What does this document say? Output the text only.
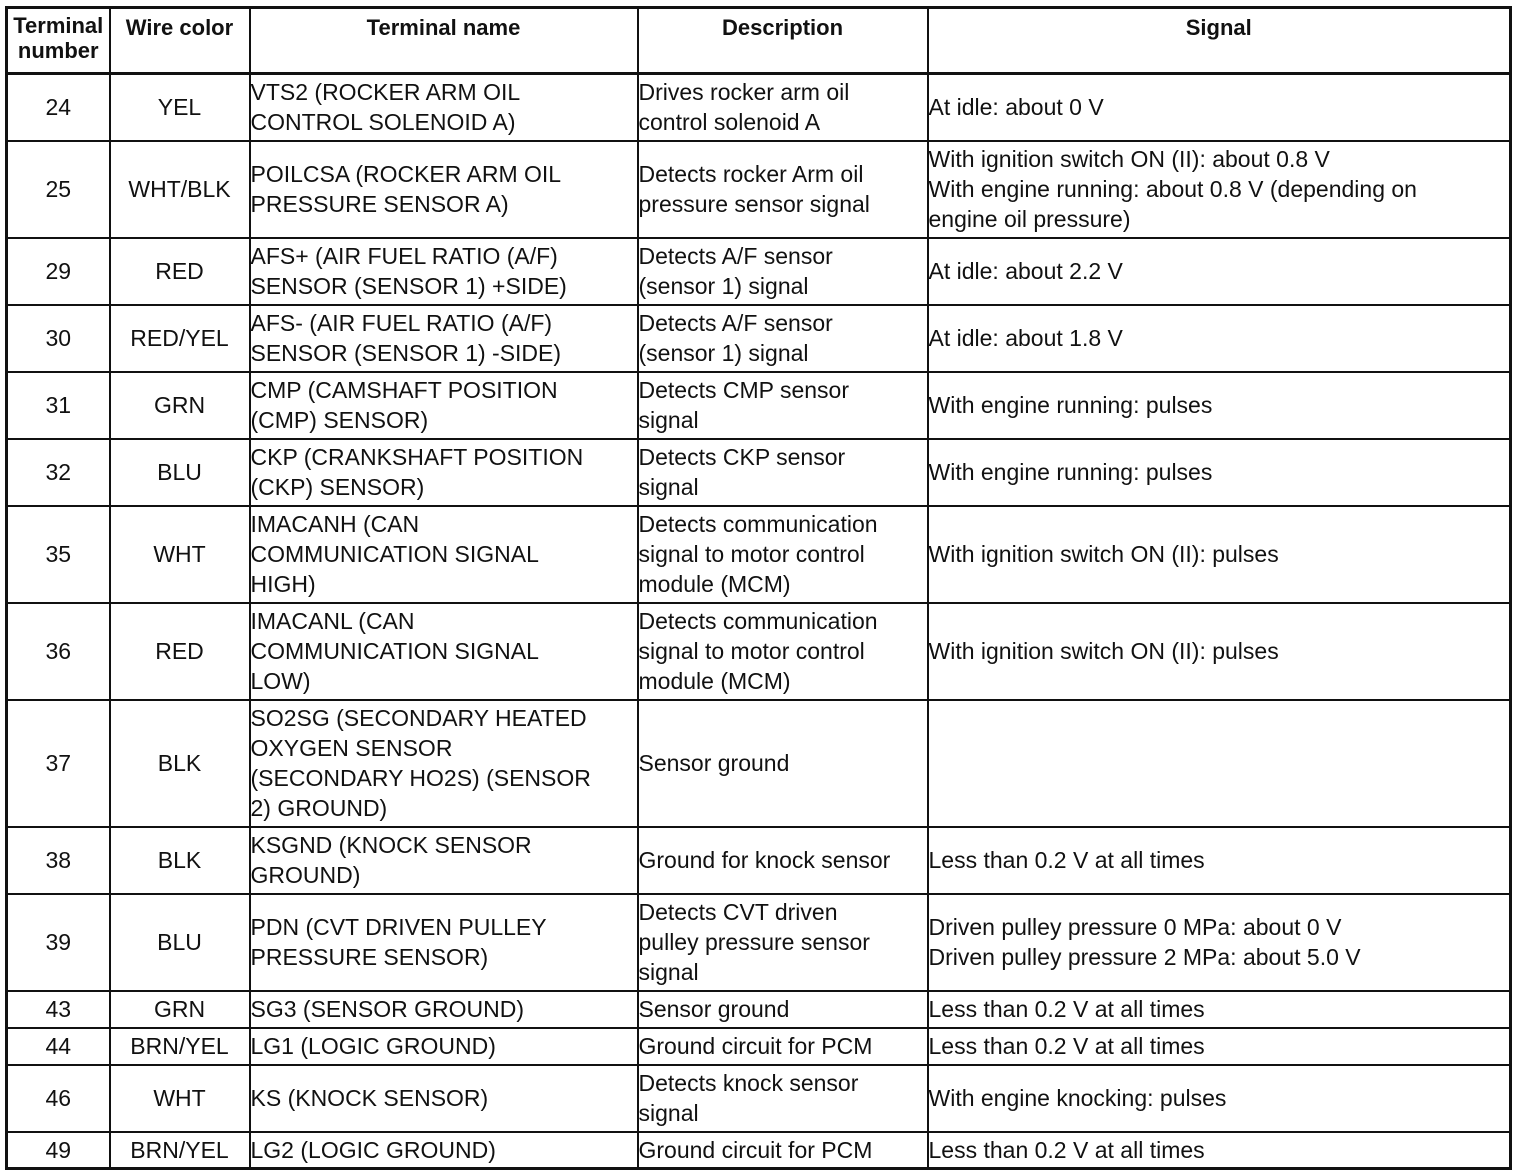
Terminal
number	Wire color	Terminal name	Description	Signal
24	YEL	VTS2 (ROCKER ARM OIL
CONTROL SOLENOID A)	Drives rocker arm oil
control solenoid A	At idle: about 0 V

25	WHT/BLK	POILCSA (ROCKER ARM OIL
PRESSURE SENSOR A)	Detects rocker Arm oil
pressure sensor signal	With ignition switch ON (II): about 0.8 V
With engine running: about 0.8 V (depending on
engine oil pressure)

29	RED	AFS+ (AIR FUEL RATIO (A/F)
SENSOR (SENSOR 1) +SIDE)	Detects A/F sensor
(sensor 1) signal	At idle: about 2.2 V

30	RED/YEL	AFS- (AIR FUEL RATIO (A/F)
SENSOR (SENSOR 1) -SIDE)	Detects A/F sensor
(sensor 1) signal	At idle: about 1.8 V

31	GRN	CMP (CAMSHAFT POSITION
(CMP) SENSOR)	Detects CMP sensor
signal	With engine running: pulses

32	BLU	CKP (CRANKSHAFT POSITION
(CKP) SENSOR)	Detects CKP sensor
signal	With engine running: pulses

35	WHT	IMACANH (CAN
COMMUNICATION SIGNAL
HIGH)	Detects communication
signal to motor control
module (MCM)	With ignition switch ON (II): pulses

36	RED	IMACANL (CAN
COMMUNICATION SIGNAL
LOW)	Detects communication
signal to motor control
module (MCM)	With ignition switch ON (II): pulses

37	BLK	SO2SG (SECONDARY HEATED
OXYGEN SENSOR
(SECONDARY HO2S) (SENSOR
2) GROUND)	Sensor ground	

38	BLK	KSGND (KNOCK SENSOR
GROUND)	Ground for knock sensor	Less than 0.2 V at all times

39	BLU	PDN (CVT DRIVEN PULLEY
PRESSURE SENSOR)	Detects CVT driven
pulley pressure sensor
signal	Driven pulley pressure 0 MPa: about 0 V
Driven pulley pressure 2 MPa: about 5.0 V

43	GRN	SG3 (SENSOR GROUND)	Sensor ground	Less than 0.2 V at all times

44	BRN/YEL	LG1 (LOGIC GROUND)	Ground circuit for PCM	Less than 0.2 V at all times

46	WHT	KS (KNOCK SENSOR)	Detects knock sensor
signal	With engine knocking: pulses

49	BRN/YEL	LG2 (LOGIC GROUND)	Ground circuit for PCM	Less than 0.2 V at all times
